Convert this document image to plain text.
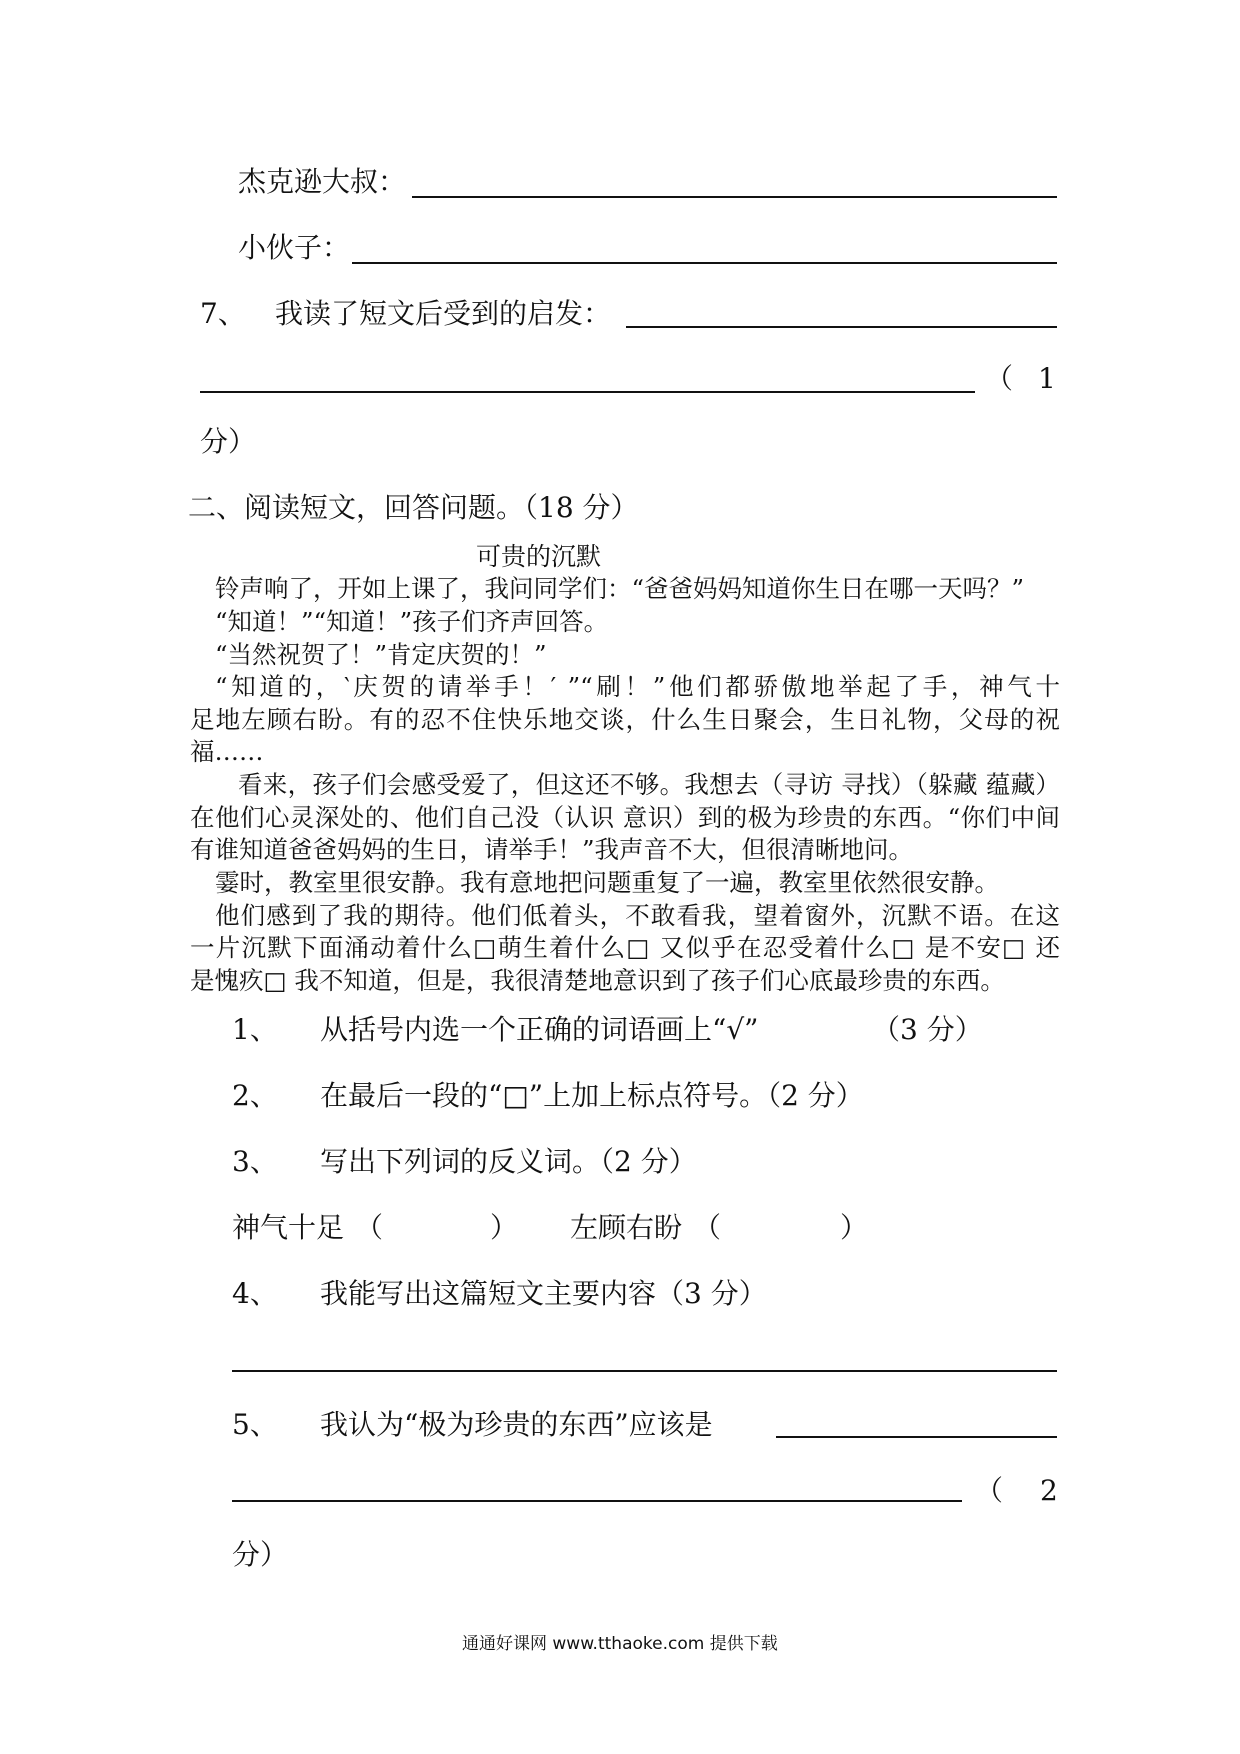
杰克逊大叔：
小伙子：
7、 我读了短文后受到的启发：
（ 1
分）
二、阅读短文，回答问题。（18 分）
可贵的沉默
铃声响了，开如上课了，我问同学们：“爸爸妈妈知道你生日在哪一天吗？”
“知道！”“知道！”孩子们齐声回答。
“当然祝贺了！”肯定庆贺的！”
“知道的，‵庆贺的请举手！′ ”“刷！”他们都骄傲地举起了手，神气十
足地左顾右盼。有的忍不住快乐地交谈，什么生日聚会，生日礼物，父母的祝
福……
看来，孩子们会感受爱了，但这还不够。我想去（寻访 寻找）（躲藏 蕴藏）
在他们心灵深处的、他们自己没（认识 意识）到的极为珍贵的东西。“你们中间
有谁知道爸爸妈妈的生日，请举手！”我声音不大，但很清晰地问。
霎时，教室里很安静。我有意地把问题重复了一遍，教室里依然很安静。
他们感到了我的期待。他们低着头，不敢看我，望着窗外，沉默不语。在这
一片沉默下面涌动着什么□萌生着什么□ 又似乎在忍受着什么□ 是不安□ 还
是愧疚□ 我不知道，但是，我很清楚地意识到了孩子们心底最珍贵的东西。
1、 从括号内选一个正确的词语画上“√”	（3 分）
2、 在最后一段的“□”上加上标点符号。（2 分）
3、 写出下列词的反义词。（2 分）
神气十足 （	） 左顾右盼 （	）
4、 我能写出这篇短文主要内容（3 分）
5、 我认为“极为珍贵的东西”应该是
（ 2
分）
通通好课网 www.tthaoke.com 提供下载
